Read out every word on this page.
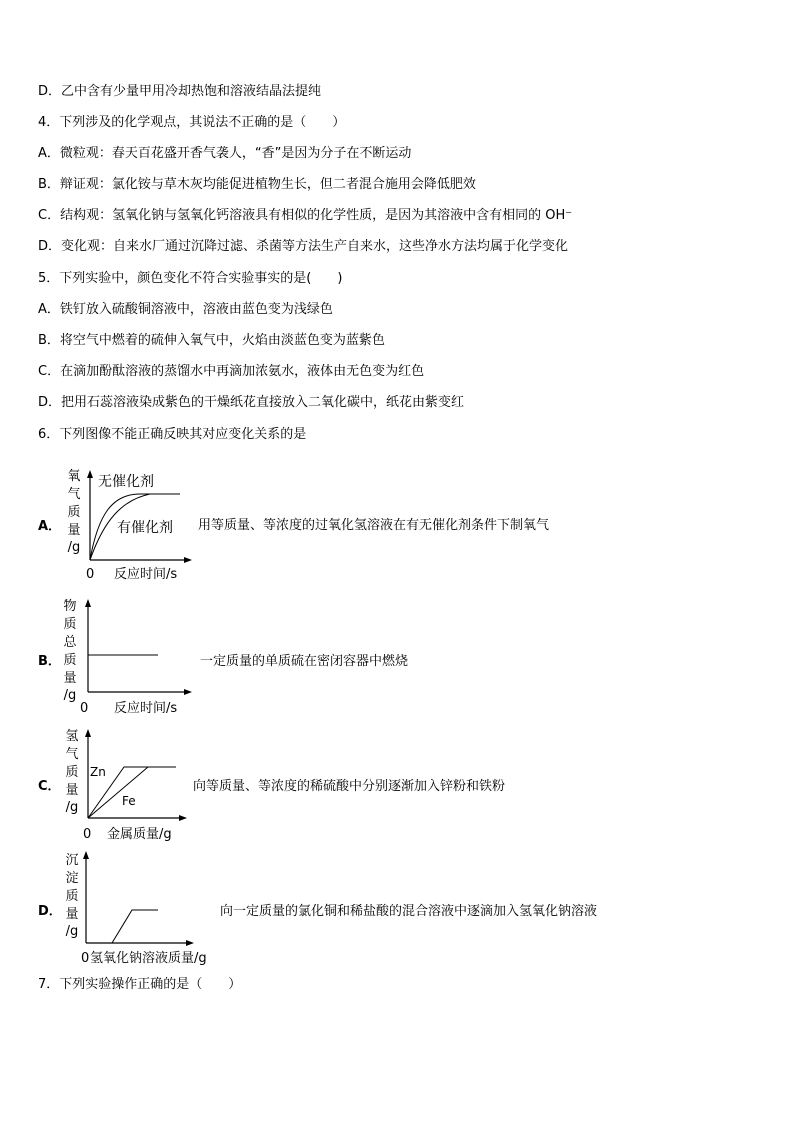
D．乙中含有少量甲用冷却热饱和溶液结晶法提纯
4．下列涉及的化学观点，其说法不正确的是（　　）
A．微粒观：春天百花盛开香气袭人，“香”是因为分子在不断运动
B．辩证观：氯化铵与草木灰均能促进植物生长，但二者混合施用会降低肥效
C．结构观：氢氧化钠与氢氧化钙溶液具有相似的化学性质，是因为其溶液中含有相同的 OH⁻
D．变化观：自来水厂通过沉降过滤、杀菌等方法生产自来水，这些净水方法均属于化学变化
5．下列实验中，颜色变化不符合实验事实的是(　　)
A．铁钉放入硫酸铜溶液中，溶液由蓝色变为浅绿色
B．将空气中燃着的硫伸入氧气中，火焰由淡蓝色变为蓝紫色
C．在滴加酚酞溶液的蒸馏水中再滴加浓氨水，液体由无色变为红色
D．把用石蕊溶液染成紫色的干燥纸花直接放入二氧化碳中，纸花由紫变红
6．下列图像不能正确反映其对应变化关系的是
A．
氧
气
质
量
/g
无催化剂
有催化剂
0 反应时间/s
用等质量、等浓度的过氧化氢溶液在有无催化剂条件下制氧气
B．
物
质
总
质
量
/g
0 反应时间/s
一定质量的单质硫在密闭容器中燃烧
C．
氢
气
质
量
/g
Zn
Fe
0 金属质量/g
向等质量、等浓度的稀硫酸中分别逐渐加入锌粉和铁粉
D．
沉
淀
质
量
/g
0 氢氧化钠溶液质量/g
向一定质量的氯化铜和稀盐酸的混合溶液中逐滴加入氢氧化钠溶液
7．下列实验操作正确的是（　　）
